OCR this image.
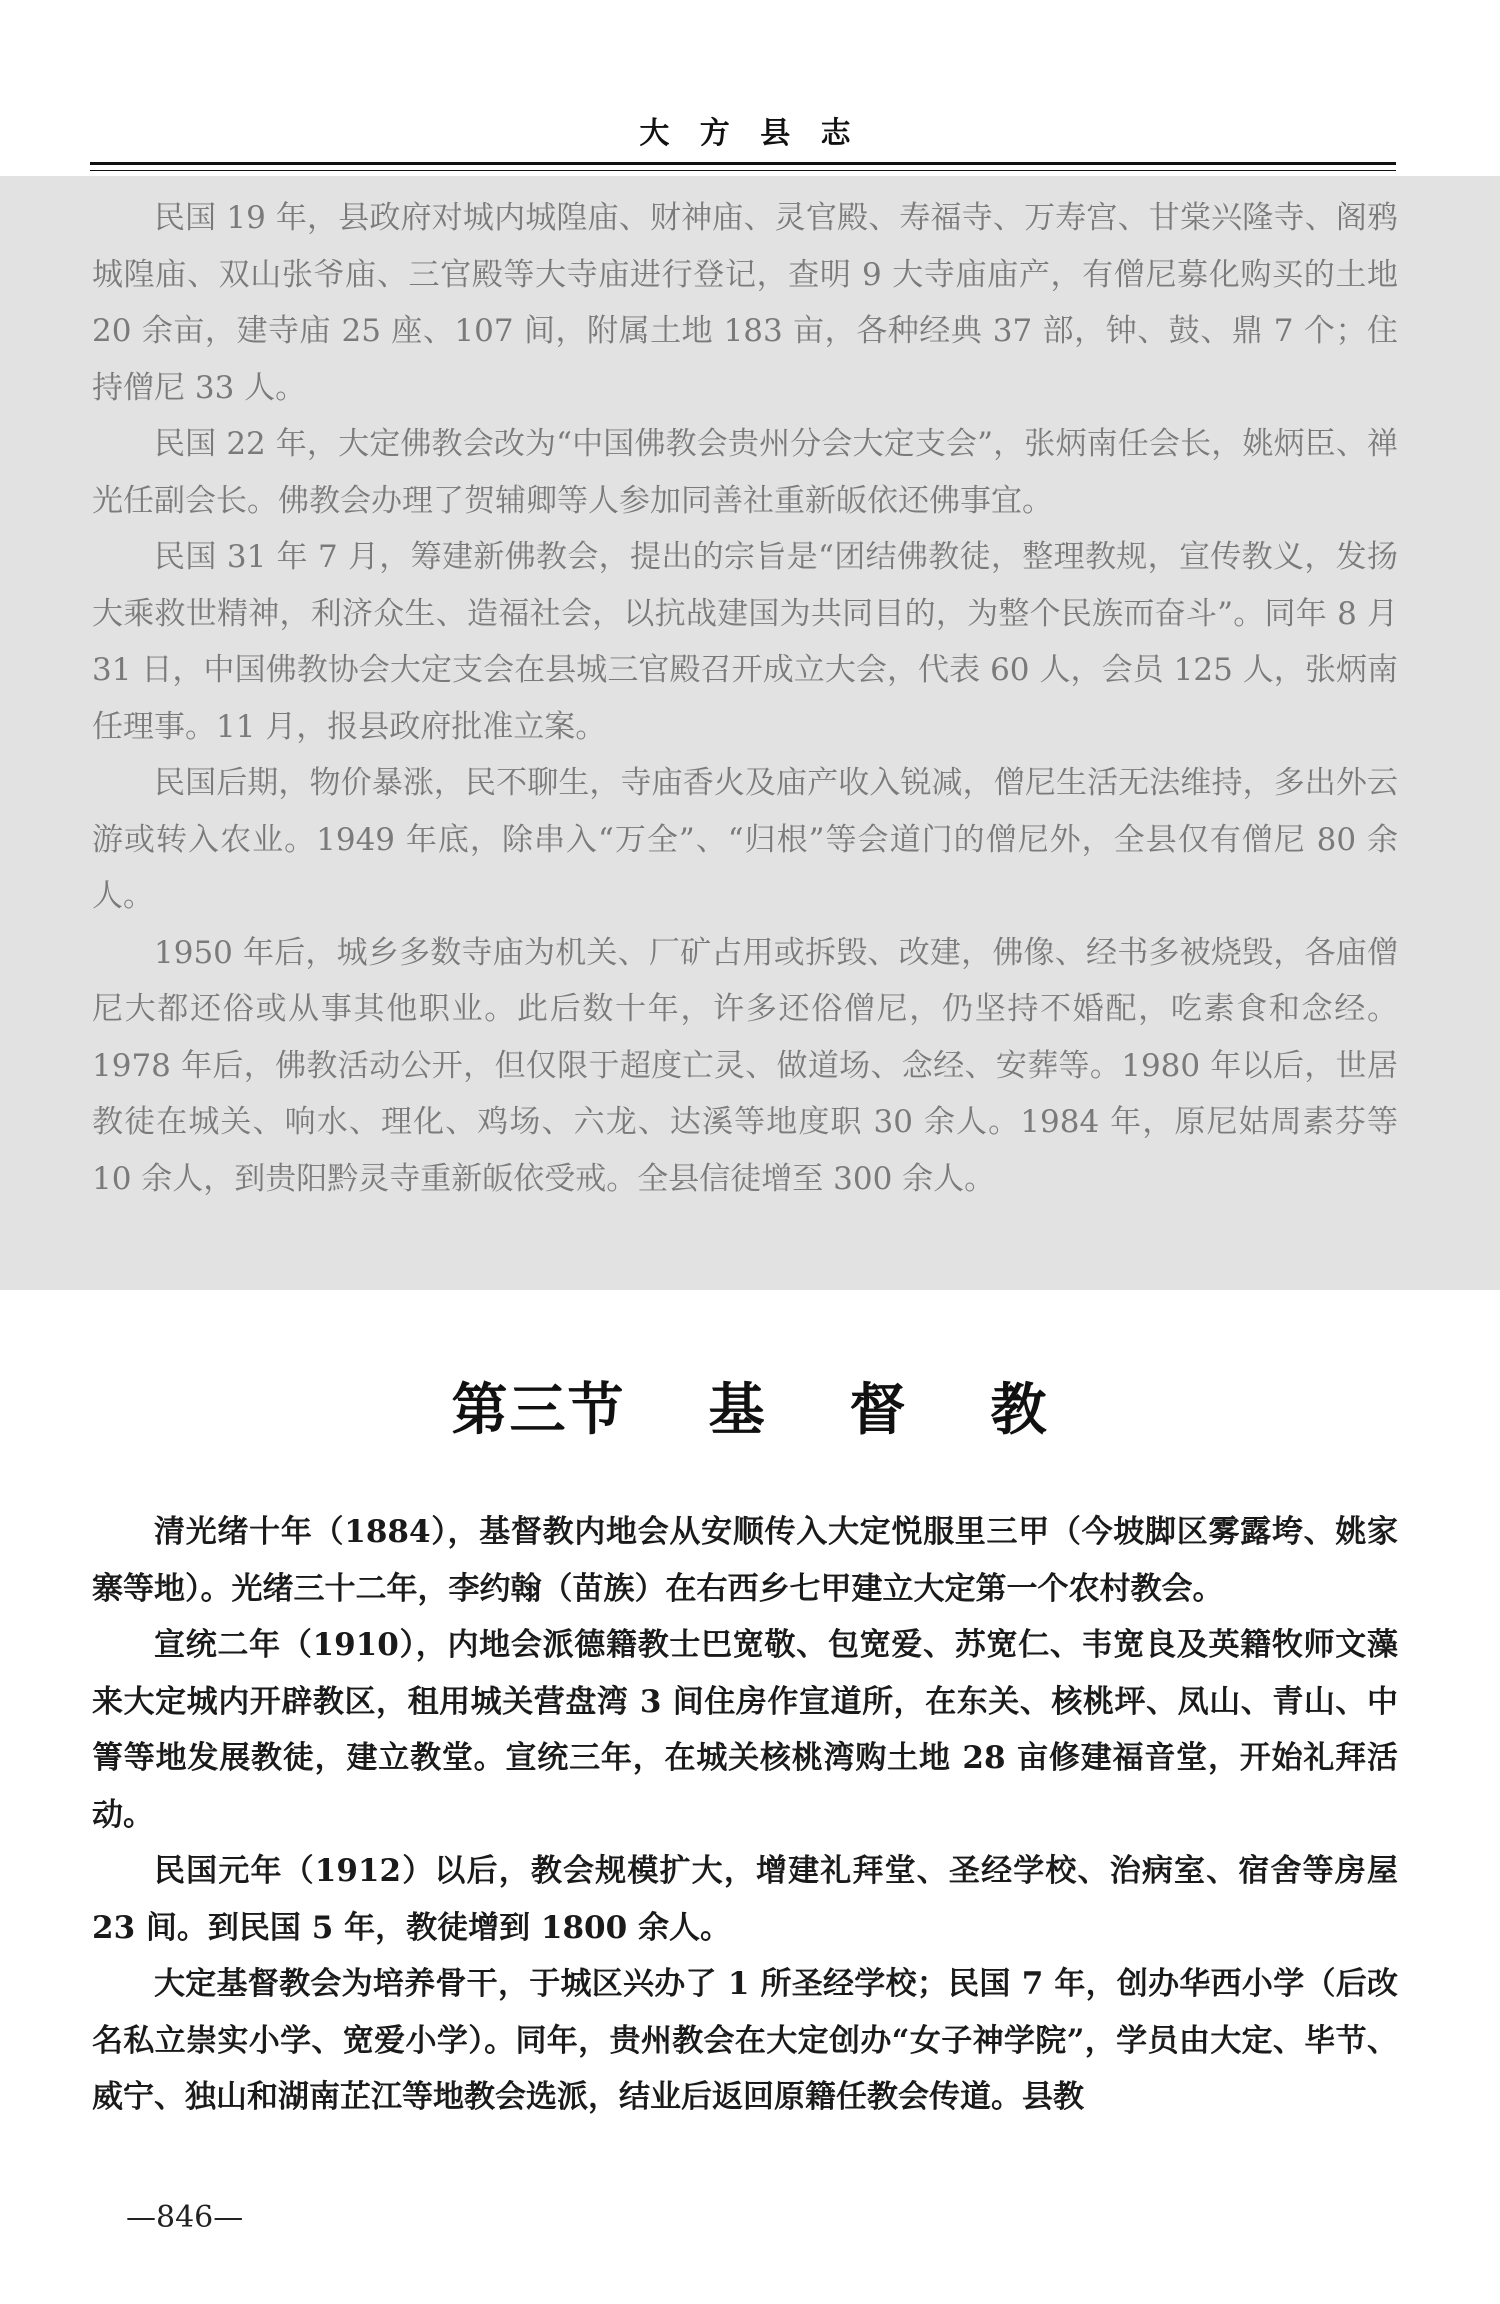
大 方 县 志

民国 19 年，县政府对城内城隍庙、财神庙、灵官殿、寿福寺、万寿宫、甘棠兴隆寺、阁鸦城隍庙、双山张爷庙、三官殿等大寺庙进行登记，查明 9 大寺庙庙产，有僧尼募化购买的土地 20 余亩，建寺庙 25 座、107 间，附属土地 183 亩，各种经典 37 部，钟、鼓、鼎 7 个；住持僧尼 33 人。

民国 22 年，大定佛教会改为“中国佛教会贵州分会大定支会”，张炳南任会长，姚炳臣、禅光任副会长。佛教会办理了贺辅卿等人参加同善社重新皈依还佛事宜。

民国 31 年 7 月，筹建新佛教会，提出的宗旨是“团结佛教徒，整理教规，宣传教义，发扬大乘救世精神，利济众生、造福社会，以抗战建国为共同目的，为整个民族而奋斗”。同年 8 月 31 日，中国佛教协会大定支会在县城三官殿召开成立大会，代表 60 人，会员 125 人，张炳南任理事。11 月，报县政府批准立案。

民国后期，物价暴涨，民不聊生，寺庙香火及庙产收入锐减，僧尼生活无法维持，多出外云游或转入农业。1949 年底，除串入“万全”、“归根”等会道门的僧尼外，全县仅有僧尼 80 余人。

1950 年后，城乡多数寺庙为机关、厂矿占用或拆毁、改建，佛像、经书多被烧毁，各庙僧尼大都还俗或从事其他职业。此后数十年，许多还俗僧尼，仍坚持不婚配，吃素食和念经。1978 年后，佛教活动公开，但仅限于超度亡灵、做道场、念经、安葬等。1980 年以后，世居教徒在城关、响水、理化、鸡场、六龙、达溪等地度职 30 余人。1984 年，原尼姑周素芬等 10 余人，到贵阳黔灵寺重新皈依受戒。全县信徒增至 300 余人。

第三节 基 督 教

清光绪十年（1884），基督教内地会从安顺传入大定悦服里三甲（今坡脚区雾露垮、姚家寨等地）。光绪三十二年，李约翰（苗族）在右西乡七甲建立大定第一个农村教会。

宣统二年（1910），内地会派德籍教士巴宽敬、包宽爱、苏宽仁、韦宽良及英籍牧师文藻来大定城内开辟教区，租用城关营盘湾 3 间住房作宣道所，在东关、核桃坪、凤山、青山、中箐等地发展教徒，建立教堂。宣统三年，在城关核桃湾购土地 28 亩修建福音堂，开始礼拜活动。

民国元年（1912）以后，教会规模扩大，增建礼拜堂、圣经学校、治病室、宿舍等房屋 23 间。到民国 5 年，教徒增到 1800 余人。

大定基督教会为培养骨干，于城区兴办了 1 所圣经学校；民国 7 年，创办华西小学（后改名私立崇实小学、宽爱小学）。同年，贵州教会在大定创办“女子神学院”，学员由大定、毕节、威宁、独山和湖南芷江等地教会选派，结业后返回原籍任教会传道。县教

—846—
